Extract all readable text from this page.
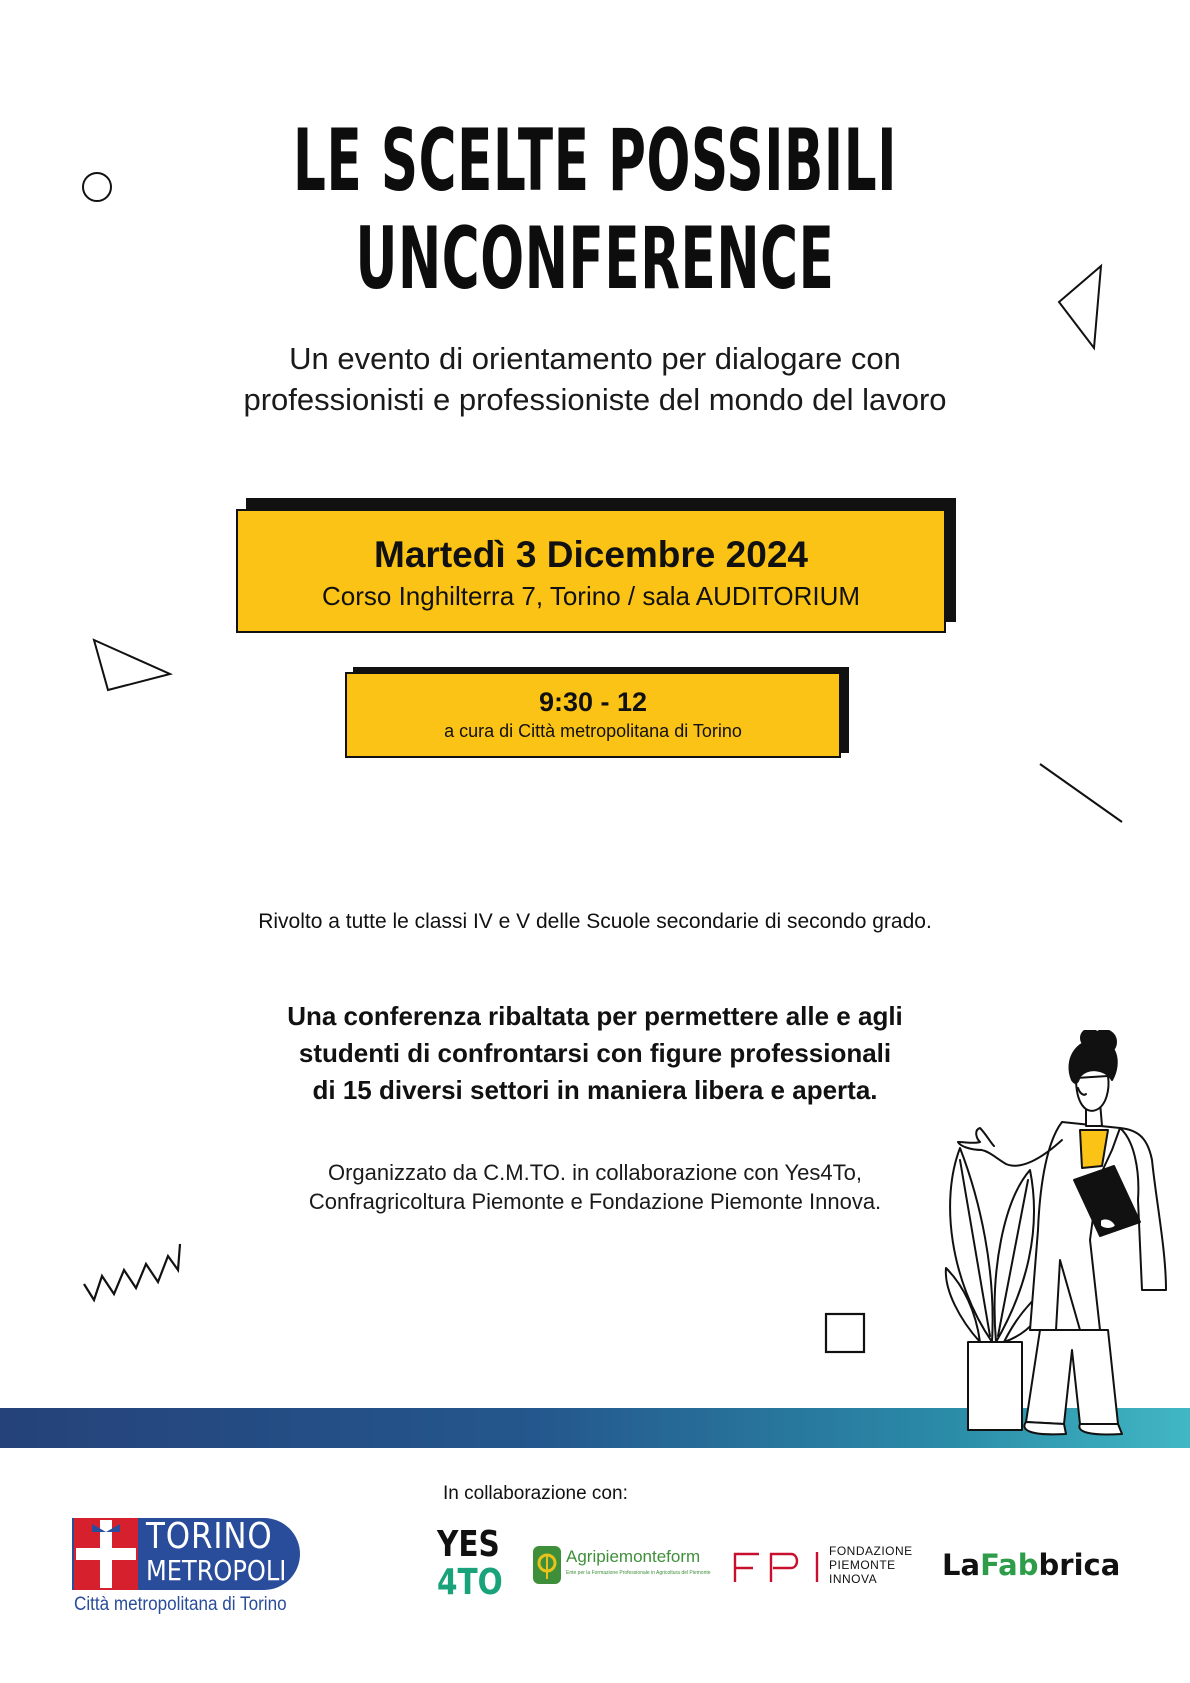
LE SCELTE POSSIBILI
UNCONFERENCE
Un evento di orientamento per dialogare con
professionisti e professioniste del mondo del lavoro
Martedì 3 Dicembre 2024
Corso Inghilterra 7, Torino / sala AUDITORIUM
9:30 - 12
a cura di Città metropolitana di Torino
Rivolto a tutte le classi IV e V delle Scuole secondarie di secondo grado.
Una conferenza ribaltata per permettere alle e agli
studenti di confrontarsi con figure professionali
di 15 diversi settori in maniera libera e aperta.
Organizzato da C.M.TO. in collaborazione con Yes4To,
Confragricoltura Piemonte e Fondazione Piemonte Innova.
In collaborazione con:
TORINO
METROPOLI
Città metropolitana di Torino
YES
4TO
Agripiemonteform
Ente per la Formazione Professionale in Agricoltura del Piemonte
FONDAZIONE
PIEMONTE
INNOVA LaFabbrica
